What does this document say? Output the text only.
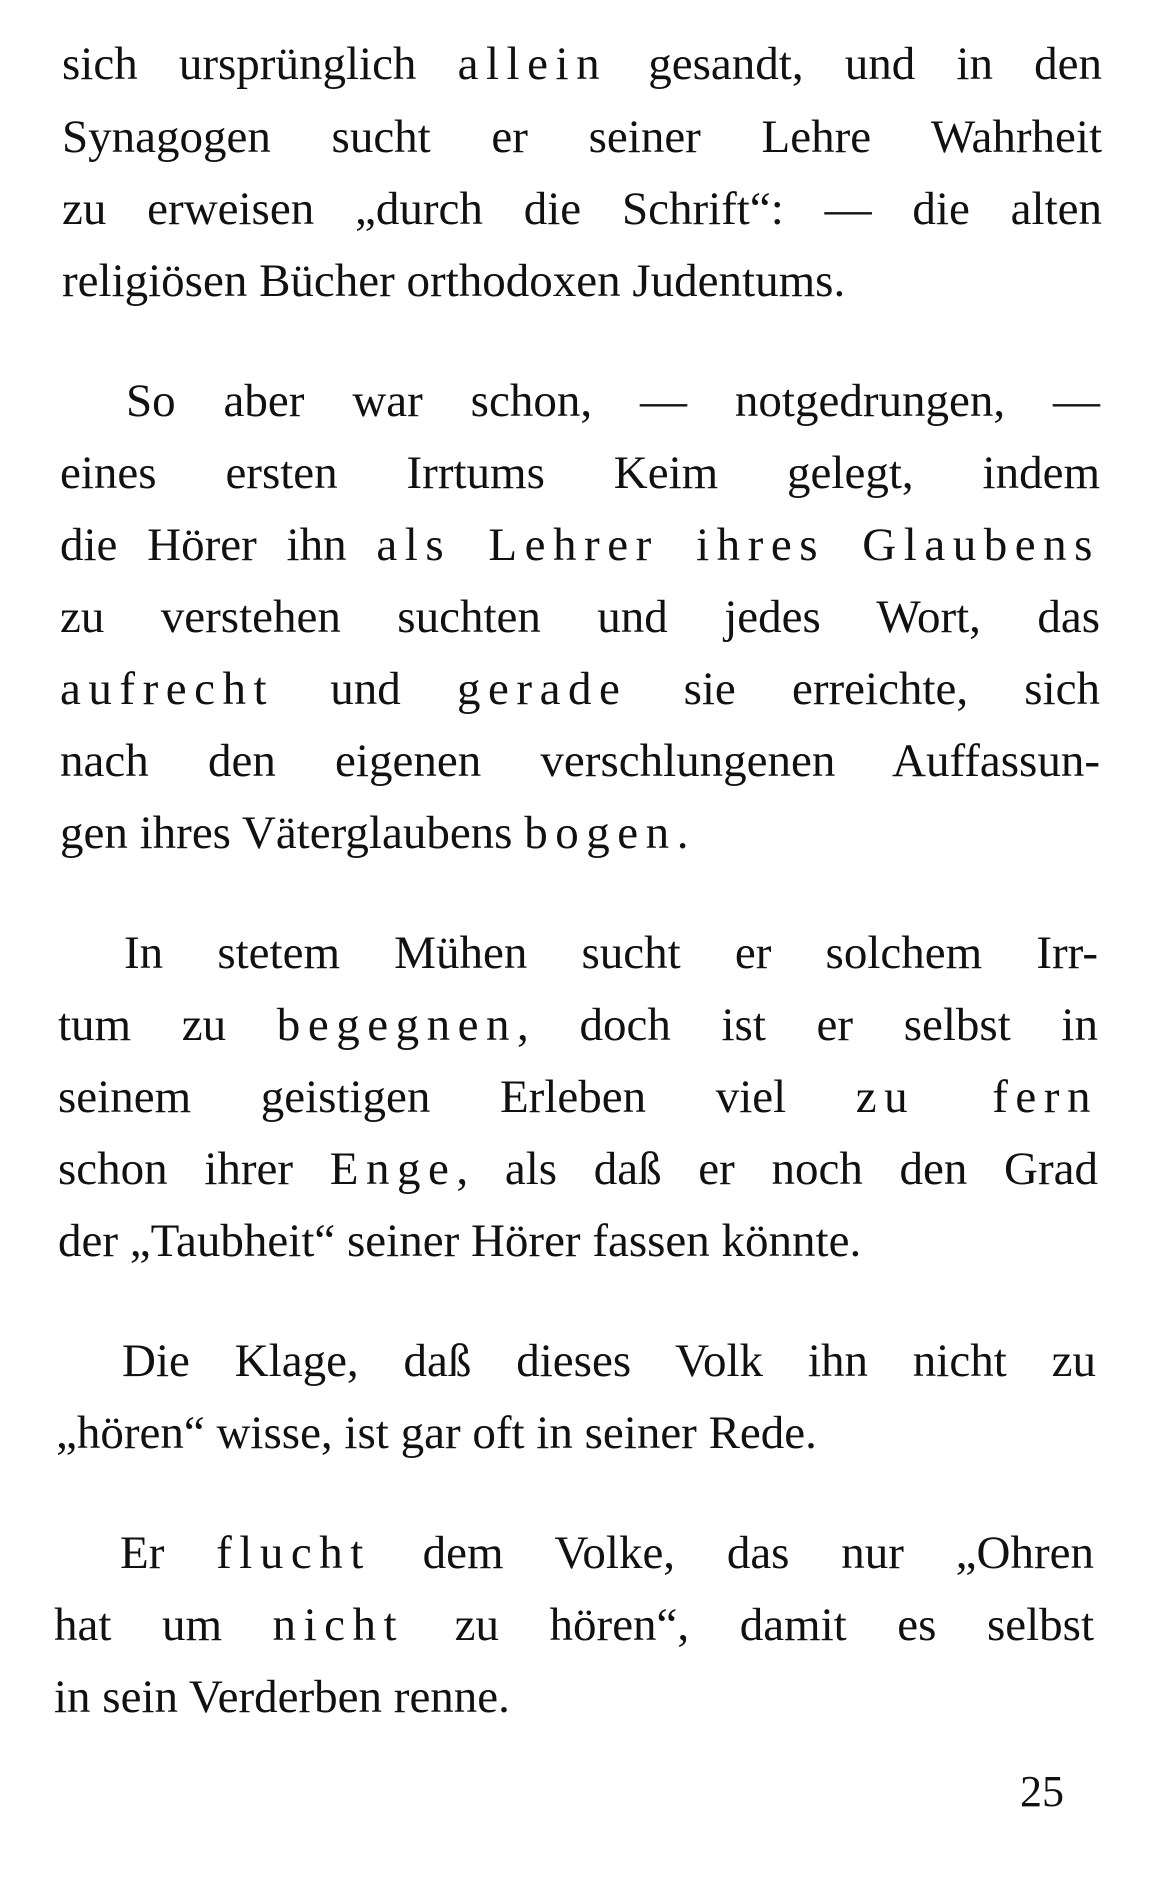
sich ursprünglich allein gesandt, und in den
Synagogen sucht er seiner Lehre Wahrheit
zu erweisen „durch die Schrift“: — die alten
religiösen Bücher orthodoxen Judentums.
So aber war schon, — notgedrungen, —
eines ersten Irrtums Keim gelegt, indem
die Hörer ihn als Lehrer ihres Glaubens
zu verstehen suchten und jedes Wort, das
aufrecht und gerade sie erreichte, sich
nach den eigenen verschlungenen Auffassun-
gen ihres Väterglaubens bogen.
In stetem Mühen sucht er solchem Irr-
tum zu begegnen, doch ist er selbst in
seinem geistigen Erleben viel zu fern
schon ihrer Enge, als daß er noch den Grad
der „Taubheit“ seiner Hörer fassen könnte.
Die Klage, daß dieses Volk ihn nicht zu
„hören“ wisse, ist gar oft in seiner Rede.
Er flucht dem Volke, das nur „Ohren
hat um nicht zu hören“, damit es selbst
in sein Verderben renne.
25
